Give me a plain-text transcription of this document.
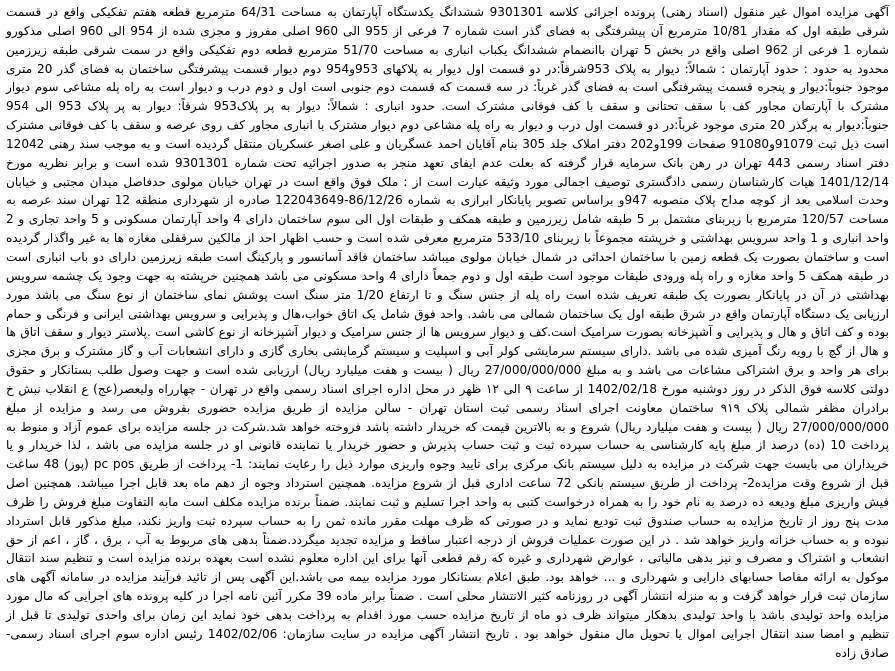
آگهی مزایده اموال غیر منقول (اسناد رهنی) پرونده اجرائی کلاسه 9301301 ششدانگ یکدستگاه آپارتمان به مساحت 64/31 مترمربع قطعه هفتم تفکیکی واقع در قسمت شرقی طبقه اول که مقدار 10/81 مترمربع آن پیشرفتگی به فضای گذر است شماره 7 فرعی از 955 الی 960 اصلی مفروز و مجزی شده از 954 الی 960 اصلی مذکورو شماره 1 فرعی از 962 اصلی واقع در بخش 5 تهران باانضمام ششدانگ یکباب انباری به مساحت 51/70 مترمربع قطعه دوم تفکیکی واقع در سمت شرقی طبقه زیرزمین محدود به حدود : حدود آپارتمان : شمالاً: دیوار به پلاک 953شرقاً:در دو قسمت اول دیوار به پلاکهای 953و954 دوم دیوار قسمت پیشرفتگی ساختمان به فضای گذر 20 متری موجود جنوباً:دیوار و پنجره قسمت پیشرفتگی است به فضای گذر غرباً: در سه قسمت که قسمت دوم جنوبی است اول و دوم درب و دیوار است به راه پله مشاعی سوم دیوار مشترک با آپارتمان مجاور کف با سقف تحتانی و سقف با کف فوقانی مشترک است. حدود انباری : شمالاً: دیوار به پر پلاک953 شرقاً: دیوار به پر پلاک 953 الی 954 جنوباً:دیوار به پرگذر 20 متری موجود غرباً:در دو قسمت اول درب و دیوار به راه پله مشاعی دوم دیوار مشترک با انباری مجاور کف روی عرصه و سقف با کف فوقانی مشترک است ذیل ثبت 91079و91080 صفحات 199و202 دفتر املاک جلد 305 بنام آقایان احمد عسگریان و علی اصغر عسکریان منتقل گردیده است و به موجب سند رهنی 12042 دفتر اسناد رسمی 443 تهران در رهن بانک سرمایه قرار گرفته که بعلت عدم ایفای تعهد منجر به صدور اجرائیه تحت شماره 9301301 شده است و برابر نظریه مورخ 1401/12/14 هیات کارشناسان رسمی دادگستری توصیف اجمالی مورد وثیقه عبارت است از : ملک فوق واقع است در تهران خیابان مولوی حدفاصل میدان مجتبی و خیابان وحدت اسلامی بعد از کوچه مداح پلاک منصوبه 947و براساس تصویر پایانکار ابرازی به شماره 86/12/26-122043649 صادره از شهرداری منطقه 12 تهران سند عرصه به مساحت 120/57 مترمربع با زیربنای مشتمل بر 5 طبقه شامل زیرزمین و طبقه همکف و طبقات اول الی سوم ساختمان دارای 4 واحد آپارتمان مسکونی و 5 واحد تجاری و 2 واحد انباری و 1 واحد سرویس بهداشتی و خرپشته مجموعاً با زیربنای 533/10 مترمربع معرفی شده است و حسب اظهار احد از مالکین سرقفلی مغازه ها به غیر واگذار گردیده است و ساختمان بصورت یک قطعه زمین با ساختمان احداثی در شمال خیابان مولوی میباشد ساختمان فاقد آسانسور و پارکینگ است طبقه زیرزمین دارای دو باب انباری است در طبقه همکف 5 واحد مغازه و راه پله ورودی طبقات موجود است طبقه اول و دوم جمعاً دارای 4 واحد مسکونی می باشد همچنین خرپشته به جهت وجود یک چشمه سرویس بهداشتی در آن در پایانکار بصورت یک طبقه تعریف شده است راه پله از جنس سنگ و تا ارتفاع 1/20 متر سنگ است پوشش نمای ساختمان از نوع سنگ می باشد مورد ارزیابی یک دستگاه آپارتمان واقع در شرق طبقه اول یک ساختمان شمالی می باشد. واحد فوق شامل یک اتاق خواب،هال و پذیرایی و سرویس بهداشتی ایرانی و فرنگی و حمام بوده و کف اتاق و هال و پذیرایی و آشپزخانه بصورت سرامیک است.کف و دیوار سرویس ها از جنس سرامیک و دیوار آشپزخانه از نوع کاشی است .پلاستر دیوار و سقف اتاق ها و هال از گچ با رویه رنگ آمیزی شده می باشد .دارای سیستم سرمایشی کولر آبی و اسپلیت و سیستم گرمایشی بخاری گازی و دارای انشعابات آب و گاز مشترک و برق مجزی برای هر واحد و برق اشتراکی مشاعات می باشد و به مبلغ 27/000/000/000 ریال ( بیست و هفت میلیارد ریال) ارزیابی شده است و جهت وصول طلب بستانکار و حقوق دولتی کلاسه فوق الذکر در روز دوشنبه مورخ 1402/02/18 از ساعت ۹ الی ۱۲ ظهر در محل اداره اجرای اسناد رسمی واقع در تهران - چهارراه ولیعصر(عج) ع انقلاب نبش خ برادران مظفر شمالی پلاک ۹۱۹ ساختمان معاونت اجرای اسناد رسمی ثبت استان تهران - سالن مزایده از طریق مزایده حضوری بفروش می رسد و مزایده از مبلغ 27/000/000/000 ریال ( بیست و هفت میلیارد ریال) شروع و به بالاترین قیمت که خریدار داشته باشد فروخته خواهد شد.شرکت در جلسه مزایده برای عموم آزاد و منوط به پرداخت 10 (ده) درصد از مبلغ پایه کارشناسی به حساب سپرده ثبت و ثبت حساب پذیرش و حضور خریدار یا نماینده قانونی او در جلسه مزایده می باشد ، لذا خریدار و یا خریداران می بایست جهت شرکت در مزایده به دلیل سیستم بانک مرکزی برای تایید وجوه واریزی موارد ذیل را رعایت نمایند: 1- پرداخت از طریق pc pos (پوز) 48 ساعت قبل از شروع وقت مزایده2- پرداخت از طریق سیستم بانکی 72 ساعت اداری قبل از شروع مزایده. همچنین استرداد وجوه از دهم ماه بعد قابل اجرا میباشد. همچنین اصل فیش واریزی مبلغ ودیعه ده درصد به نام خود را به همراه درخواست کتبی به واحد اجرا تسلیم و ثبت نمایند. ضمناً برنده مزایده مکلف است مابه التفاوت مبلغ فروش را ظرف مدت پنج روز از تاریخ مزایده به حساب صندوق ثبت تودیع نماید و در صورتی که ظرف مهلت مقرر مانده ثمن را به حساب سپرده ثبت واریز نکند، مبلغ مذکور قابل استرداد نبوده و به حساب خزانه واریز خواهد شد . در این صورت عملیات فروش از درجه اعتبار ساقط و مزایده تجدید میگردد.ضمناً بدهی های مربوط به آب ، برق ، گاز ، اعم از حق انشعاب و اشتراک و مصرف و نیز بدهی مالیاتی ، عوارض شهرداری و غیره که رقم قطعی آنها برای این اداره معلوم نشده است بعهده برنده مزایده است و تنظیم سند انتقال موکول به ارائه مفاصا حسابهای دارایی و شهرداری و ... خواهد بود. طبق اعلام بستانکار مورد مزایده بیمه می باشد.این آگهی پس از تائید فرآیند مزایده در سامانه آگهی های سازمان ثبت قرار خواهد گرفت و به منزله انتشار آگهی در روزنامه کثیر الانتشار محلی است . ضمناً برابر ماده 39 مکرر آئین نامه اجرا در کلیه پرونده های اجرایی که مال مورد مزایده واحد تولیدی باشد یا واحد تولیدی بدهکار میتواند ظرف دو ماه از تاریخ مزایده حسب مورد اقدام به پرداخت بدهی خود نماید این زمان برای واحدی تولیدی تا قبل از تنظیم و امضا سند انتقال اجرایی اموال یا تحویل مال منقول خواهد بود . تاریخ انتشار آگهی مزایده در سایت سازمان: 1402/02/06 رئیس اداره سوم اجرای اسناد رسمی- صادق زاده
